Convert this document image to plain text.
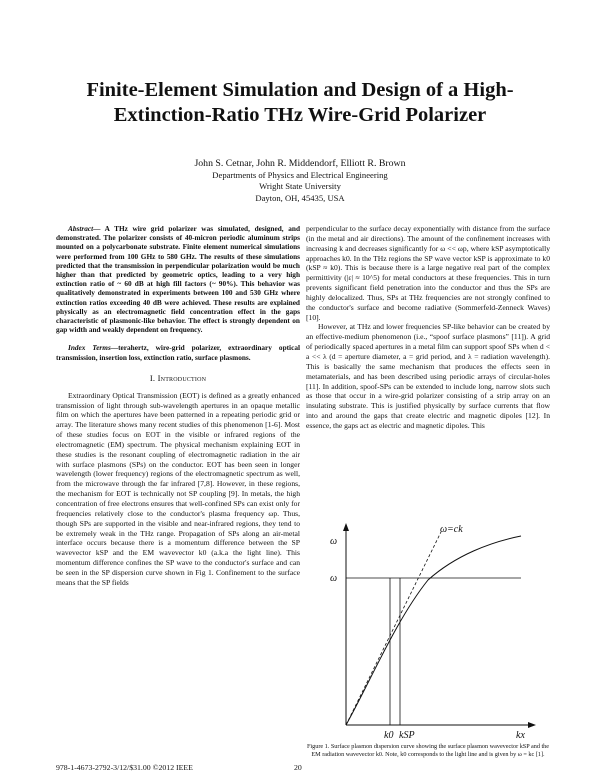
Finite-Element Simulation and Design of a High-
Extinction-Ratio THz Wire-Grid Polarizer
John S. Cetnar, John R. Middendorf, Elliott R. Brown
Departments of Physics and Electrical Engineering
Wright State University
Dayton, OH, 45435, USA

Abstract— A THz wire grid polarizer was simulated, designed, and demonstrated. The polarizer consists of 40-micron periodic aluminum strips mounted on a polycarbonate substrate. Finite element numerical simulations were performed from 100 GHz to 580 GHz. The results of these simulations predicted that the transmission in perpendicular polarization would be much higher than that predicted by geometric optics, leading to a very high extinction ratio of ~ 60 dB at high fill factors (~ 90%). This behavior was qualitatively demonstrated in experiments between 100 and 530 GHz where extinction ratios exceeding 40 dB were achieved. These results are explained physically as an electromagnetic field concentration effect in the gaps characteristic of plasmonic-like behavior. The effect is strongly dependent on gap width and weakly dependent on frequency.

Index Terms—terahertz, wire-grid polarizer, extraordinary optical transmission, insertion loss, extinction ratio, surface plasmons.

I. Introduction

Extraordinary Optical Transmission (EOT) is defined as a greatly enhanced transmission of light through sub-wavelength apertures in an opaque metallic film on which the apertures have been patterned in a repeating periodic grid or array. The literature shows many recent studies of this phenomenon [1-6]. Most of these studies focus on EOT in the visible or infrared regions of the electromagnetic (EM) spectrum. The physical mechanism explaining EOT in these studies is the resonant coupling of electromagnetic radiation in the air with surface plasmons (SPs) on the conductor. EOT has been seen in longer wavelength (lower frequency) regions of the electromagnetic spectrum as well, from the microwave through the far infrared [7,8]. However, in these regions, the mechanism for EOT is technically not SP coupling [9]. In metals, the high concentration of free electrons ensures that well-confined SPs can exist only for frequencies relatively close to the conductor's plasma frequency ωp. Thus, though SPs are supported in the visible and near-infrared regions, they tend to be extremely weak in the THz range. Propagation of SPs along an air-metal interface occurs because there is a momentum difference between the SP wavevector kSP and the EM wavevector k0 (a.k.a the light line). This momentum difference confines the SP wave to the conductor's surface and can be seen in the SP dispersion curve shown in Fig 1. Confinement to the surface means that the SP fields

perpendicular to the surface decay exponentially with distance from the surface (in the metal and air directions). The amount of the confinement increases with increasing k and decreases significantly for ω << ωp, where kSP asymptotically approaches k0. In the THz regions the SP wave vector kSP is approximate to k0 (kSP ≈ k0). This is because there is a large negative real part of the complex permittivity (|ε| ≈ 10^5) for metal conductors at these frequencies. This in turn prevents significant field penetration into the conductor and thus the SPs are highly delocalized. Thus, SPs at THz frequencies are not strongly confined to the conductor's surface and become radiative (Sommerfeld-Zenneck Waves)[10].

However, at THz and lower frequencies SP-like behavior can be created by an effective-medium phenomenon (i.e., “spoof surface plasmons” [11]). A grid of periodically spaced apertures in a metal film can support spoof SPs when d < a << λ (d = aperture diameter, a = grid period, and λ = radiation wavelength). This is basically the same mechanism that produces the effects seen in metamaterials, and has been described using periodic arrays of circular-holes [11]. In addition, spoof-SPs can be extended to include long, narrow slots such as those that occur in a wire-grid polarizer consisting of a strip array on an insulating substrate. This is justified physically by surface currents that flow into and around the gaps that create electric and magnetic dipoles [12]. In essence, the gaps act as electric and magnetic dipoles. This

ω=ck
ω
ω
k0 kSP	kx
Figure 1. Surface plasmon dispersion curve showing the surface plasmon wavevector kSP and the EM radiation wavevector k0. Note, k0 corresponds to the light line and is given by ω = kc [1].
978-1-4673-2792-3/12/$31.00 ©2012 IEEE	20
